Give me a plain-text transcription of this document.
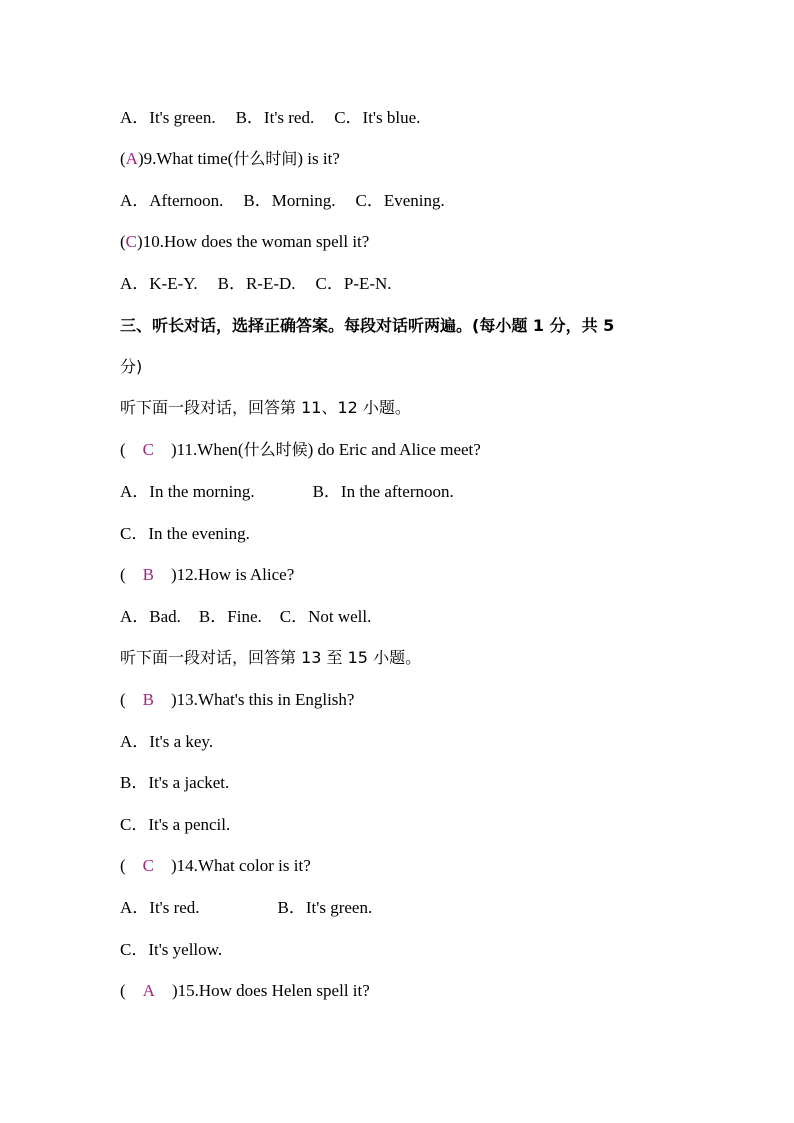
A．It's green. B．It's red. C．It's blue.
(A)9.What time(什么时间) is it?
A．Afternoon. B．Morning. C．Evening.
(C)10.How does the woman spell it?
A．K-E-Y. B．R-E-D. C．P-E-N.
三、听长对话，选择正确答案。每段对话听两遍。(每小题 1 分，共 5
分)
听下面一段对话，回答第 11、12 小题。
( C )11.When(什么时候) do Eric and Alice meet?
A．In the morning.	B．In the afternoon.
C．In the evening.
( B )12.How is Alice?
A．Bad. B．Fine. C．Not well.
听下面一段对话，回答第 13 至 15 小题。
( B )13.What's this in English?
A．It's a key.
B．It's a jacket.
C．It's a pencil.
( C )14.What color is it?
A．It's red.	B．It's green.
C．It's yellow.
( A )15.How does Helen spell it?
